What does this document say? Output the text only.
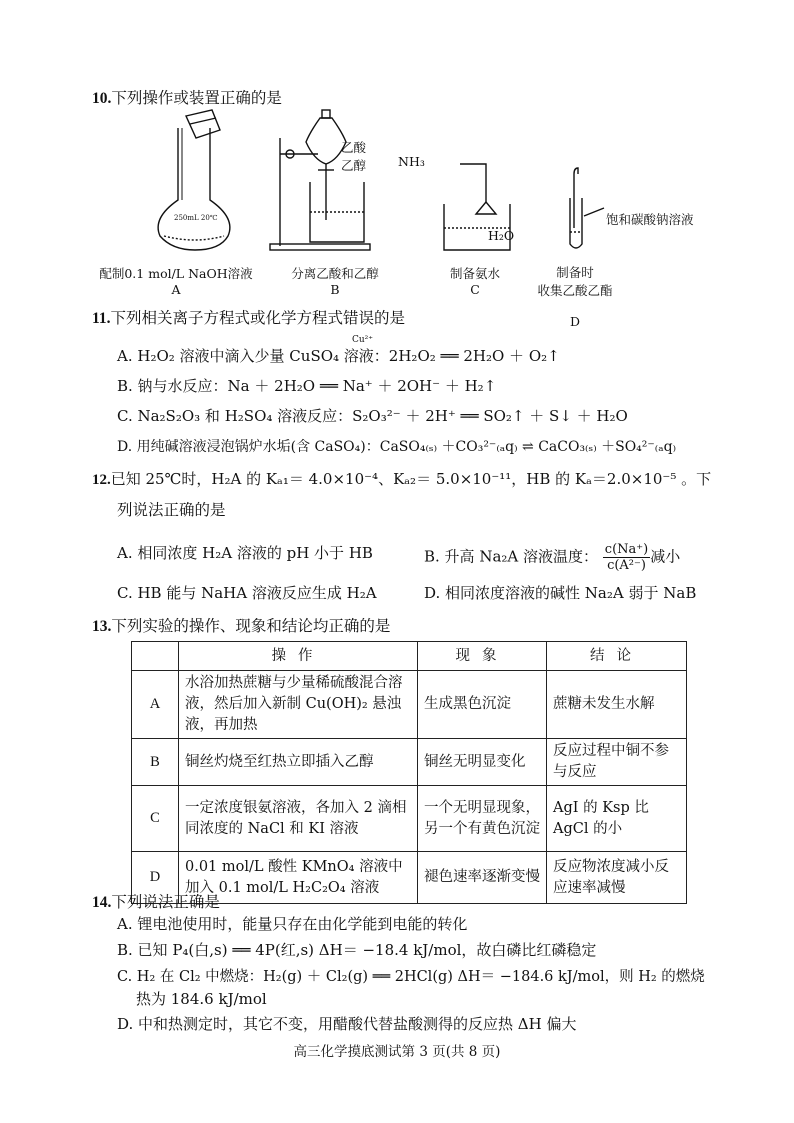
10.下列操作或装置正确的是
250mL 20℃
乙酸
乙醇	NH₃
H₂O
饱和碳酸钠溶液
配制0.1 mol/L NaOH溶液
A
分离乙酸和乙醇
B
制备氨水
C

制备时
收集乙酸乙酯

D

11.下列相关离子方程式或化学方程式错误的是
Cu²⁺
A. H₂O₂ 溶液中滴入少量 CuSO₄ 溶液：2H₂O₂ ══ 2H₂O ＋ O₂↑
B. 钠与水反应：Na ＋ 2H₂O ══ Na⁺ ＋ 2OH⁻ ＋ H₂↑
C. Na₂S₂O₃ 和 H₂SO₄ 溶液反应：S₂O₃²⁻ ＋ 2H⁺ ══ SO₂↑ ＋ S↓ ＋ H₂O
D. 用纯碱溶液浸泡锅炉水垢(含 CaSO₄)：CaSO₄₍ₛ₎ ＋CO₃²⁻₍ₐq₎ ⇌ CaCO₃₍ₛ₎ ＋SO₄²⁻₍ₐq₎
12.已知 25℃时，H₂A 的 Kₐ₁＝ 4.0×10⁻⁴、Kₐ₂＝ 5.0×10⁻¹¹，HB 的 Kₐ＝2.0×10⁻⁵ 。下
列说法正确的是
A. 相同浓度 H₂A 溶液的 pH 小于 HB	B. 升高 Na₂A 溶液温度： $\frac{c(Na^+)}{\text{c(A²⁻)}}$ 减小
C. HB 能与 NaHA 溶液反应生成 H₂A	D. 相同浓度溶液的碱性 Na₂A 弱于 NaB
13.下列实验的操作、现象和结论均正确的是
	操作	现象	结论
A	水浴加热蔗糖与少量稀硫酸混合溶液，然后加入新制 Cu(OH)₂ 悬浊液，再加热	生成黑色沉淀	蔗糖未发生水解
B	铜丝灼烧至红热立即插入乙醇	铜丝无明显变化	反应过程中铜不参与反应
C	一定浓度银氨溶液，各加入 2 滴相同浓度的 NaCl 和 KI 溶液	一个无明显现象，另一个有黄色沉淀	AgI 的 Ksp 比 AgCl 的小
D	0.01 mol/L 酸性 KMnO₄ 溶液中加入 0.1 mol/L H₂C₂O₄ 溶液	褪色速率逐渐变慢	反应物浓度减小反应速率减慢
14.下列说法正确是
A. 锂电池使用时，能量只存在由化学能到电能的转化
B. 已知 P₄(白,s) ══ 4P(红,s) ΔH＝ −18.4 kJ/mol，故白磷比红磷稳定
C. H₂ 在 Cl₂ 中燃烧：H₂(g) ＋ Cl₂(g) ══ 2HCl(g) ΔH＝ −184.6 kJ/mol，则 H₂ 的燃烧
热为 184.6 kJ/mol
D. 中和热测定时，其它不变，用醋酸代替盐酸测得的反应热 ΔH 偏大
高三化学摸底测试第 3 页(共 8 页)
